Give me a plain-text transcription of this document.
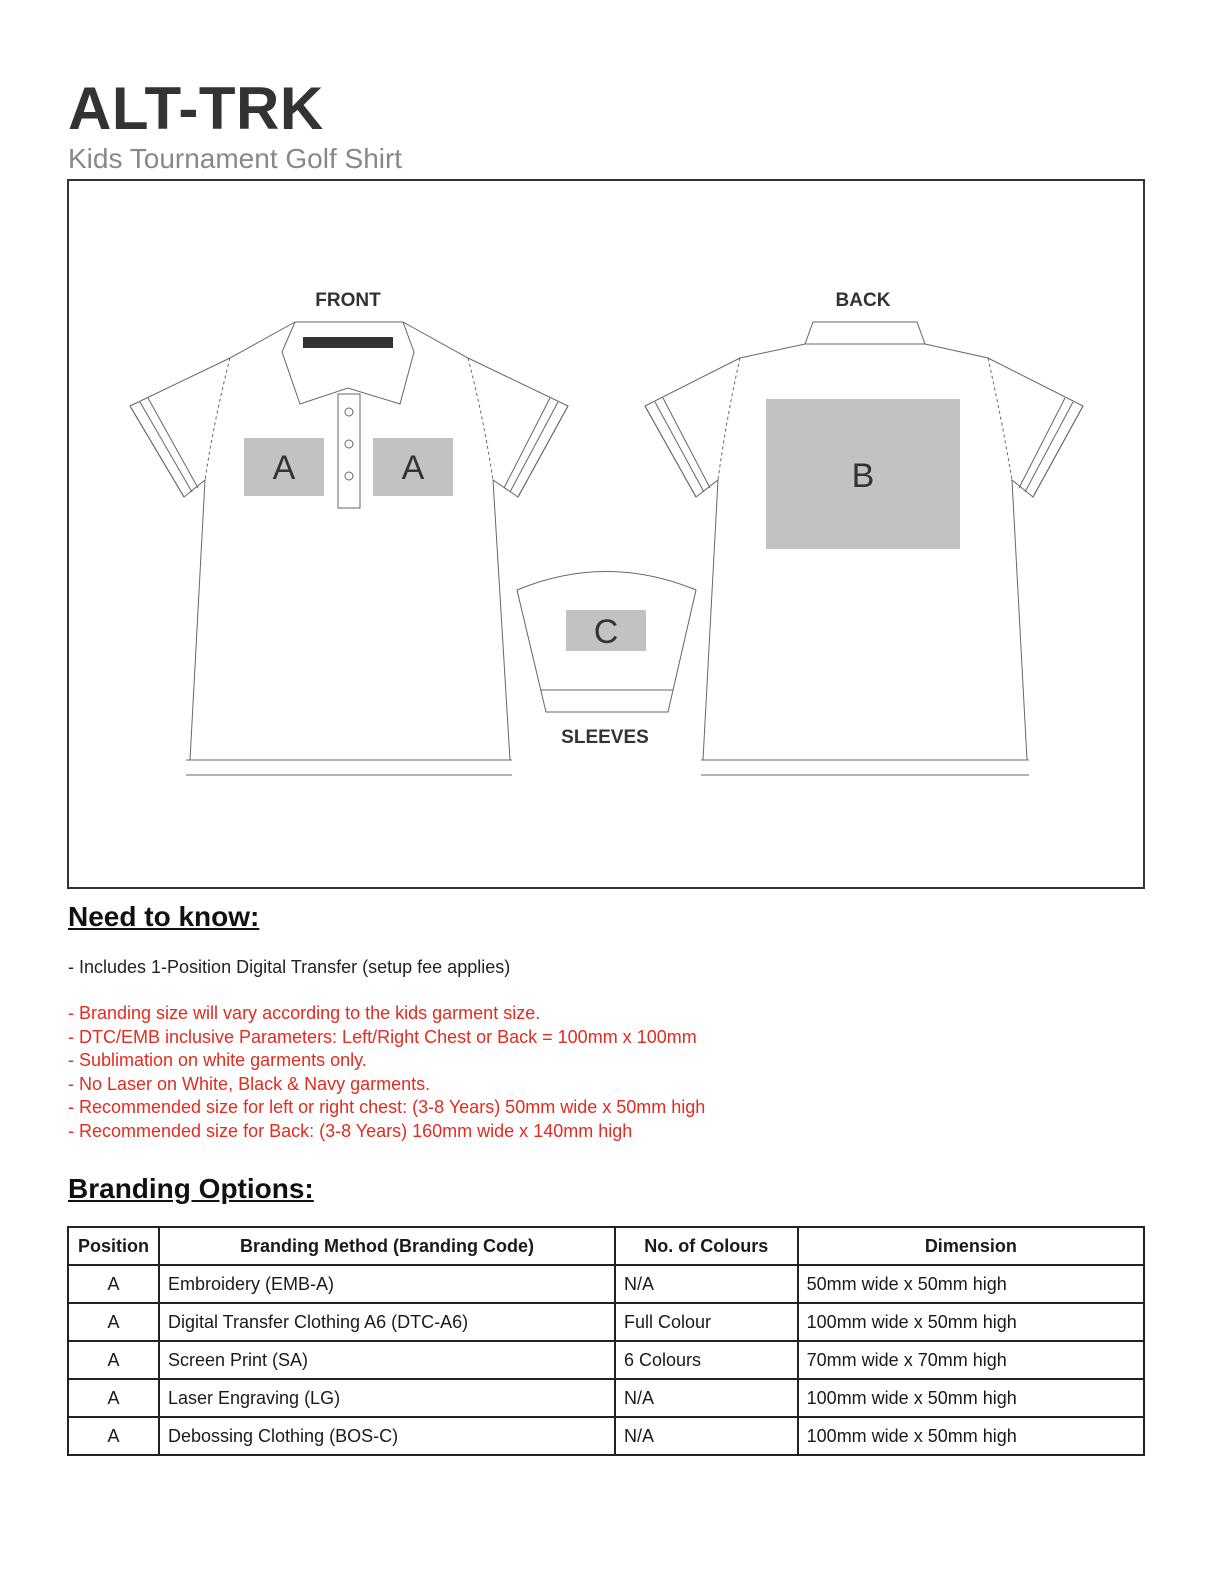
ALT-TRK
Kids Tournament Golf Shirt
A	A	B
C
FRONT	BACK
SLEEVES
Need to know:
- Includes 1-Position Digital Transfer (setup fee applies)
- Branding size will vary according to the kids garment size.
- DTC/EMB inclusive Parameters: Left/Right Chest or Back = 100mm x 100mm
- Sublimation on white garments only.
- No Laser on White, Black & Navy garments.
- Recommended size for left or right chest: (3-8 Years) 50mm wide x 50mm high
- Recommended size for Back: (3-8 Years) 160mm wide x 140mm high
Branding Options:
Position	Branding Method (Branding Code)	No. of Colours	Dimension
A	Embroidery (EMB-A)	N/A	50mm wide x 50mm high
A	Digital Transfer Clothing A6 (DTC-A6)	Full Colour	100mm wide x 50mm high
A	Screen Print (SA)	6 Colours	70mm wide x 70mm high
A	Laser Engraving (LG)	N/A	100mm wide x 50mm high
A	Debossing Clothing (BOS-C)	N/A	100mm wide x 50mm high
